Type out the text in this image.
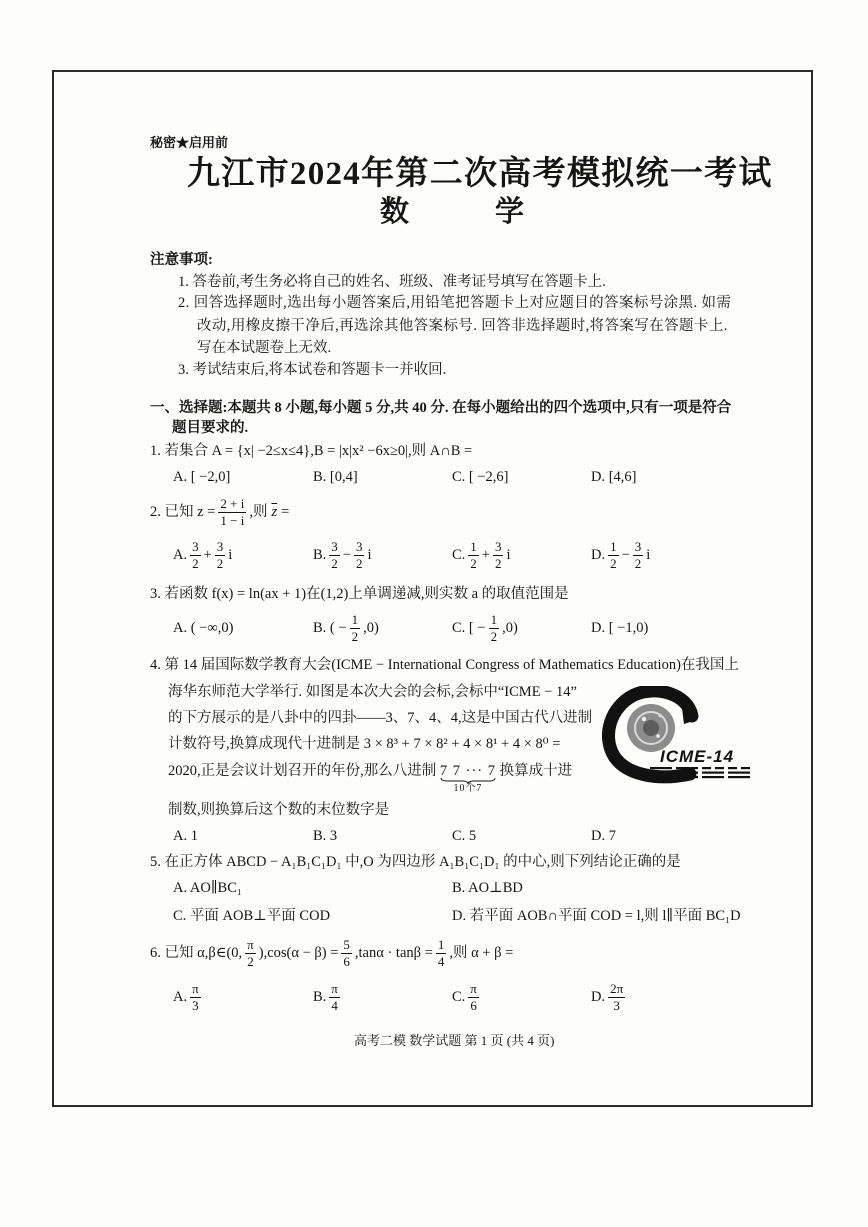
秘密★启用前
九江市2024年第二次高考模拟统一考试
数	学
注意事项:
1. 答卷前,考生务必将自己的姓名、班级、准考证号填写在答题卡上.
2. 回答选择题时,选出每小题答案后,用铅笔把答题卡上对应题目的答案标号涂黑. 如需
改动,用橡皮擦干净后,再选涂其他答案标号. 回答非选择题时,将答案写在答题卡上.
写在本试题卷上无效.
3. 考试结束后,将本试卷和答题卡一并收回.
一、选择题:本题共 8 小题,每小题 5 分,共 40 分. 在每小题给出的四个选项中,只有一项是符合
题目要求的.
1. 若集合 A = {x| −2≤x≤4},B = |x|x² −6x≥0|,则 A∩B =
A. [ −2,0]	B. [0,4]	C. [ −2,6]	D. [4,6]
2. 已知 $z = \frac{2 + i}{1 - i}$ ,则 $\overline{z}$ =
A. $\frac{3}{2} + \frac{3}{2}$ i	B. $\frac{3}{2} - \frac{3}{2}$ i	C. $\frac{1}{2} + \frac{3}{2}$ i	D. $\frac{1}{2} - \frac{3}{2}$ i
3. 若函数 f(x) = ln(ax + 1)在(1,2)上单调递减,则实数 a 的取值范围是
A. ( −∞,0)	B. ( − $\frac{1}{2} ,0$)	C. [ − $\frac{1}{2} ,0$)	D. [ −1,0)
4. 第 14 届国际数学教育大会(ICME − International Congress of Mathematics Education)在我国上
海华东师范大学举行. 如图是本次大会的会标,会标中“ICME − 14”
的下方展示的是八卦中的四卦——3、7、4、4,这是中国古代八进制
计数符号,换算成现代十进制是 3 × 8³ + 7 × 8² + 4 × 8¹ + 4 × 8⁰ =
2020,正是会议计划召开的年份,那么八进制 7 7 ··· 7
10个7
换算成十进
制数,则换算后这个数的末位数字是
A. 1	B. 3	C. 5	D. 7
ICME-14
5. 在正方体 ABCD − A₁B₁C₁D₁ 中,O 为四边形 A₁B₁C₁D₁ 的中心,则下列结论正确的是
A. AO∥BC₁	B. AO⊥BD
C. 平面 AOB⊥平面 COD	D. 若平面 AOB∩平面 COD = l,则 l∥平面 BC₁D
6. 已知 α,β∈(0, $\frac{\pi}{2} ),\cos(\alpha - \beta) = \frac{5}{6} ,\tan\alpha \cdot \tan\beta = \frac{1}{4}$ ,则 α + β =
A. $\frac{\pi}{3}$	B. $\frac{\pi}{4}$	C. $\frac{\pi}{6}$	D. $\frac{2\pi}{3}$
高考二模 数学试题 第 1 页 (共 4 页)
